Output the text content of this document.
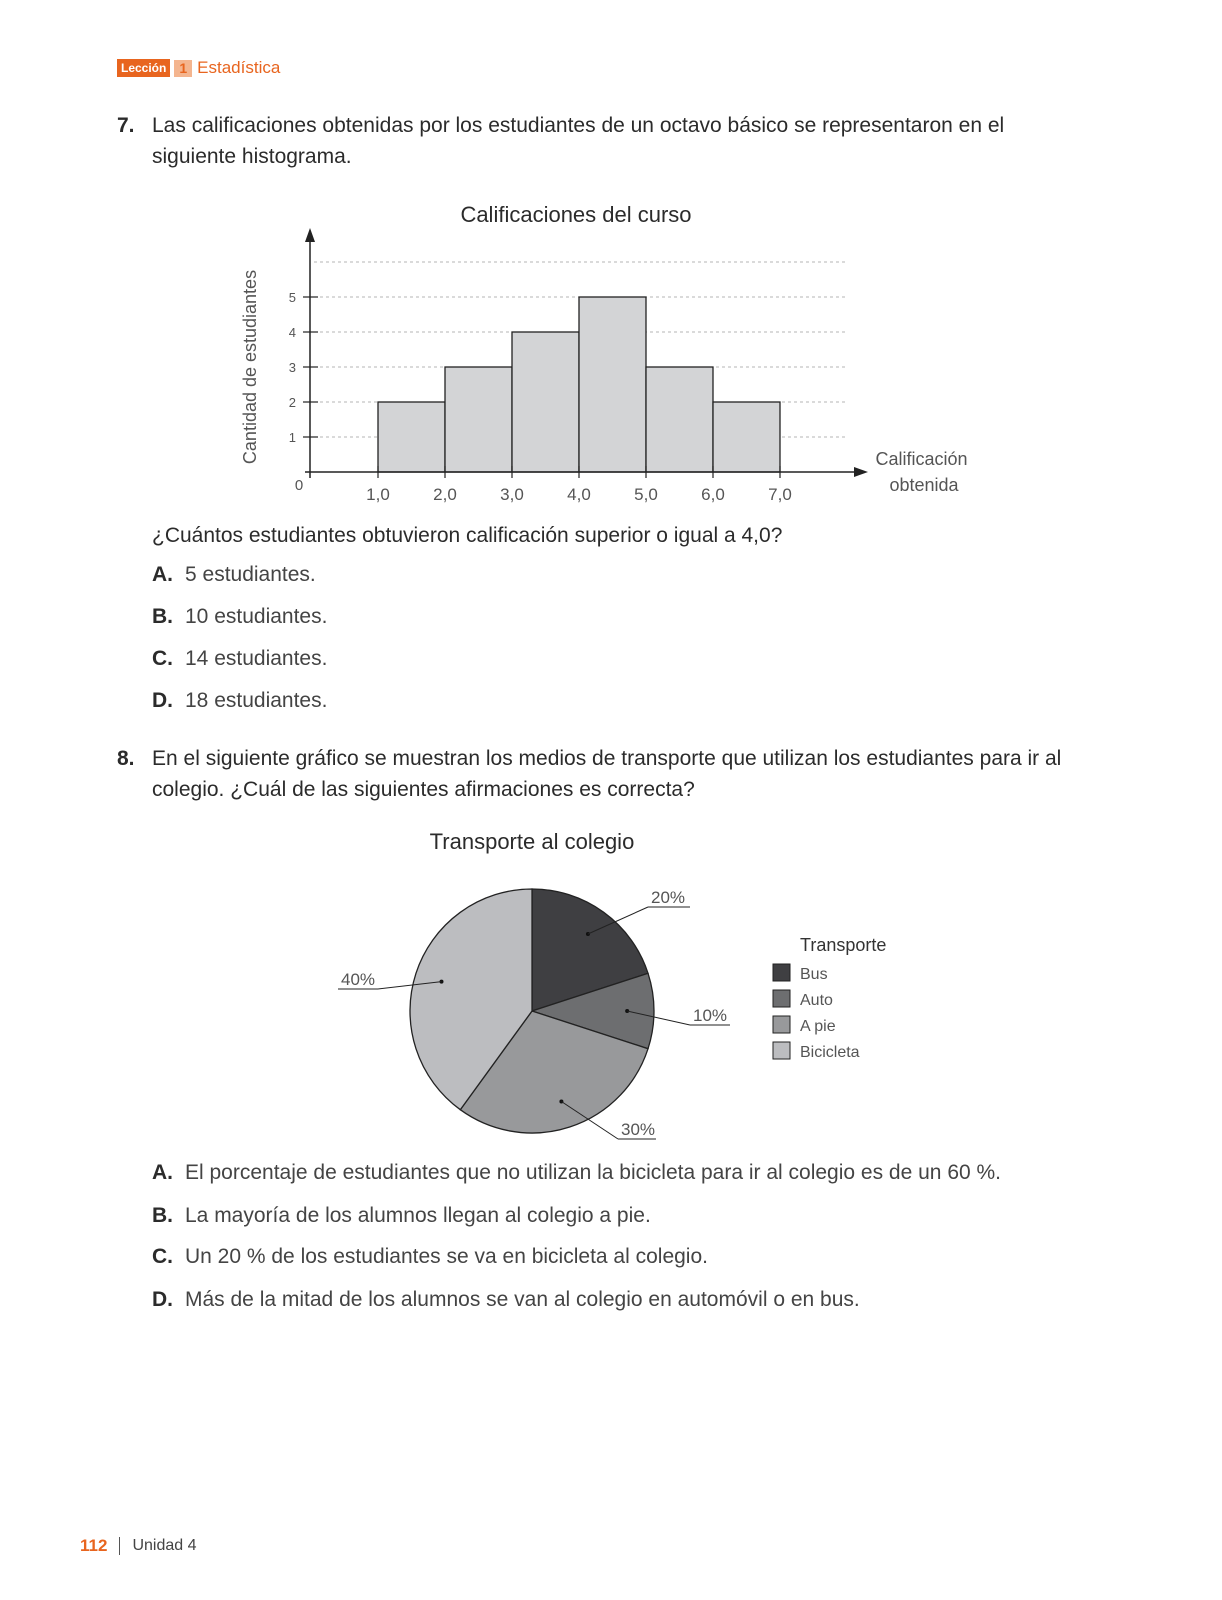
Lección 1 Estadística
7. Las calificaciones obtenidas por los estudiantes de un octavo básico se representaron en el siguiente histograma.
Calificaciones del curso
Cantidad de estudiantes 1
2
3
4
5
1,0	2,0	3,0	4,0	5,0	6,0	7,0
0
Calificación obtenida
¿Cuántos estudiantes obtuvieron calificación superior o igual a 4,0?
A. 5 estudiantes.
B. 10 estudiantes.
C. 14 estudiantes.
D. 18 estudiantes.
8. En el siguiente gráfico se muestran los medios de transporte que utilizan los estudiantes para ir al colegio. ¿Cuál de las siguientes afirmaciones es correcta?
Transporte al colegio
20%
10%
30%
40%
Transporte
Bus
Auto
A pie
Bicicleta
A. El porcentaje de estudiantes que no utilizan la bicicleta para ir al colegio es de un 60 %.
B. La mayoría de los alumnos llegan al colegio a pie.
C. Un 20 % de los estudiantes se va en bicicleta al colegio.
D. Más de la mitad de los alumnos se van al colegio en automóvil o en bus.
112 Unidad 4
